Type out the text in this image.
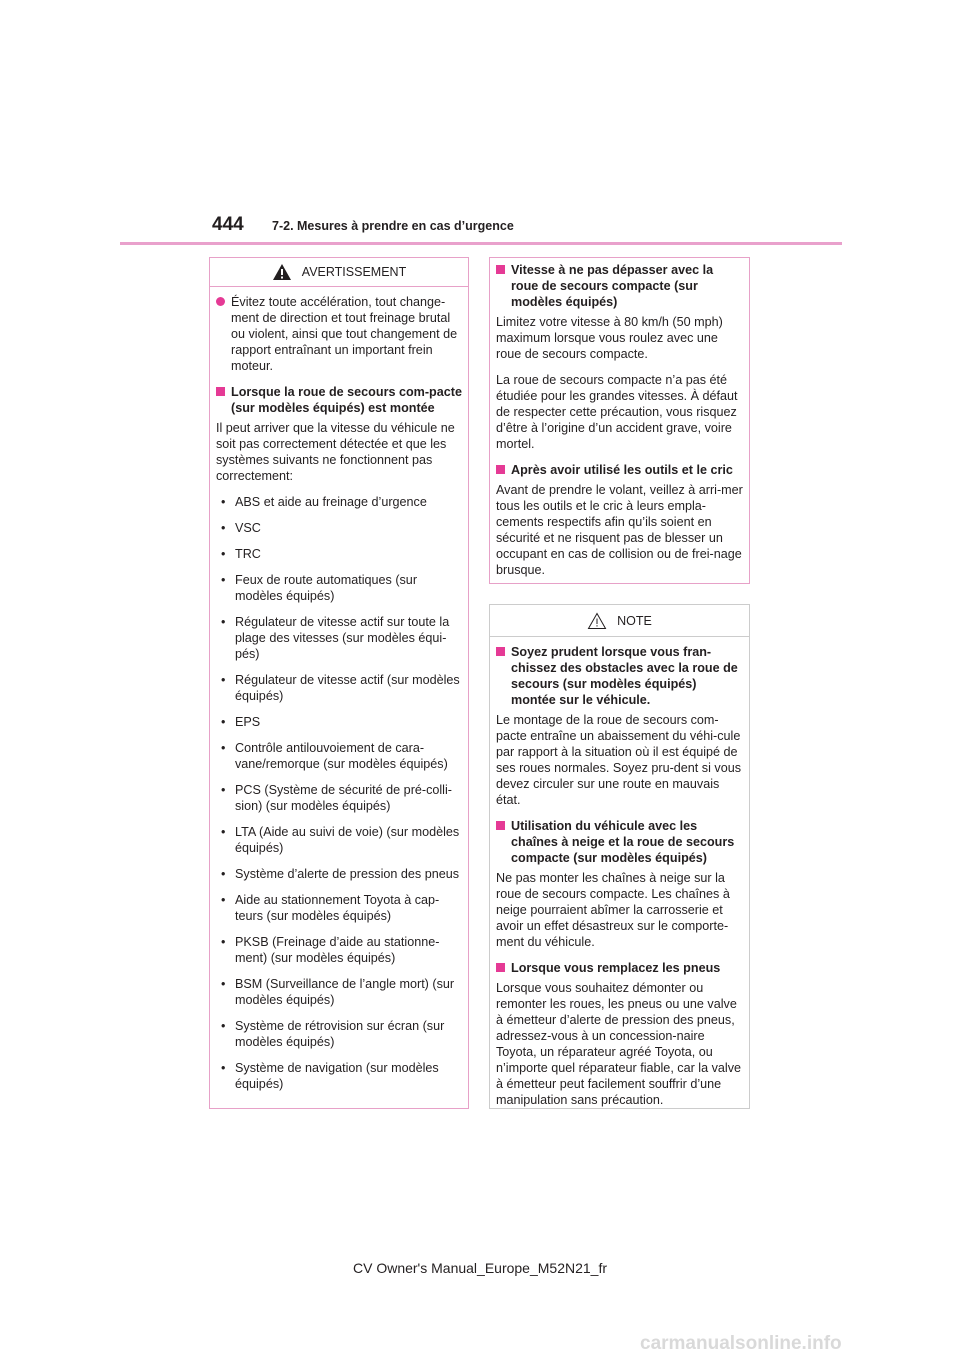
444 7-2. Mesures à prendre en cas d’urgence
AVERTISSEMENT
Évitez toute accélération, tout change-ment de direction et tout freinage brutal ou violent, ainsi que tout changement de rapport entraînant un important frein moteur.
Lorsque la roue de secours com-pacte (sur modèles équipés) est montée

Il peut arriver que la vitesse du véhicule ne soit pas correctement détectée et que les systèmes suivants ne fonctionnent pas correctement:

• ABS et aide au freinage d’urgence
• VSC
• TRC
• Feux de route automatiques (sur modèles équipés)
• Régulateur de vitesse actif sur toute la plage des vitesses (sur modèles équi-pés)
• Régulateur de vitesse actif (sur modèles équipés)
• EPS
• Contrôle antilouvoiement de cara-vane/remorque (sur modèles équipés)
• PCS (Système de sécurité de pré-colli-sion) (sur modèles équipés)
• LTA (Aide au suivi de voie) (sur modèles équipés)
• Système d’alerte de pression des pneus
• Aide au stationnement Toyota à cap-teurs (sur modèles équipés)
• PKSB (Freinage d’aide au stationne-ment) (sur modèles équipés)
• BSM (Surveillance de l’angle mort) (sur modèles équipés)
• Système de rétrovision sur écran (sur modèles équipés)
• Système de navigation (sur modèles équipés)
Vitesse à ne pas dépasser avec la roue de secours compacte (sur modèles équipés)

Limitez votre vitesse à 80 km/h (50 mph) maximum lorsque vous roulez avec une roue de secours compacte.

La roue de secours compacte n’a pas été étudiée pour les grandes vitesses. À défaut de respecter cette précaution, vous risquez d’être à l’origine d’un accident grave, voire mortel.

Après avoir utilisé les outils et le cric

Avant de prendre le volant, veillez à arri-mer tous les outils et le cric à leurs empla-cements respectifs afin qu’ils soient en sécurité et ne risquent pas de blesser un occupant en cas de collision ou de frei-nage brusque.

NOTE
Soyez prudent lorsque vous fran-chissez des obstacles avec la roue de secours (sur modèles équipés) montée sur le véhicule.

Le montage de la roue de secours com-pacte entraîne un abaissement du véhi-cule par rapport à la situation où il est équipé de ses roues normales. Soyez pru-dent si vous devez circuler sur une route en mauvais état.

Utilisation du véhicule avec les chaînes à neige et la roue de secours compacte (sur modèles équipés)

Ne pas monter les chaînes à neige sur la roue de secours compacte. Les chaînes à neige pourraient abîmer la carrosserie et avoir un effet désastreux sur le comporte-ment du véhicule.

Lorsque vous remplacez les pneus

Lorsque vous souhaitez démonter ou remonter les roues, les pneus ou une valve à émetteur d’alerte de pression des pneus, adressez-vous à un concession-naire Toyota, un réparateur agréé Toyota, ou n’importe quel réparateur fiable, car la valve à émetteur peut facilement souffrir d’une manipulation sans précaution.

CV Owner's Manual_Europe_M52N21_fr
carmanualsonline.info
